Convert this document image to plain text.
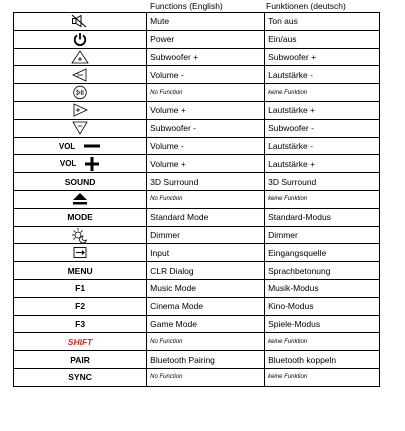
Functions (English)	Funktionen (deutsch)
	Mute	Ton aus
	Power	Ein/aus
	Subwoofer +	Subwoofer +
	Volume -	Lautstärke -
	No Function	keine Funktion
	Volume +	Lautstärke +
	Subwoofer -	Subwoofer -

VOL	Volume -	Lautstärke -

VOL	Volume +	Lautstärke +
SOUND	3D Surround	3D Surround
	No Function	keine Funktion
MODE	Standard Mode	Standard-Modus
	Dimmer	Dimmer
	Input	Eingangsquelle
MENU	CLR Dialog	Sprachbetonung
F1	Music Mode	Musik-Modus
F2	Cinema Mode	Kino-Modus
F3	Game Mode	Spiele-Modus
SHIFT	No Function	keine Funktion
PAIR	Bluetooth Pairing	Bluetooth koppeln
SYNC	No Function	keine Funktion
